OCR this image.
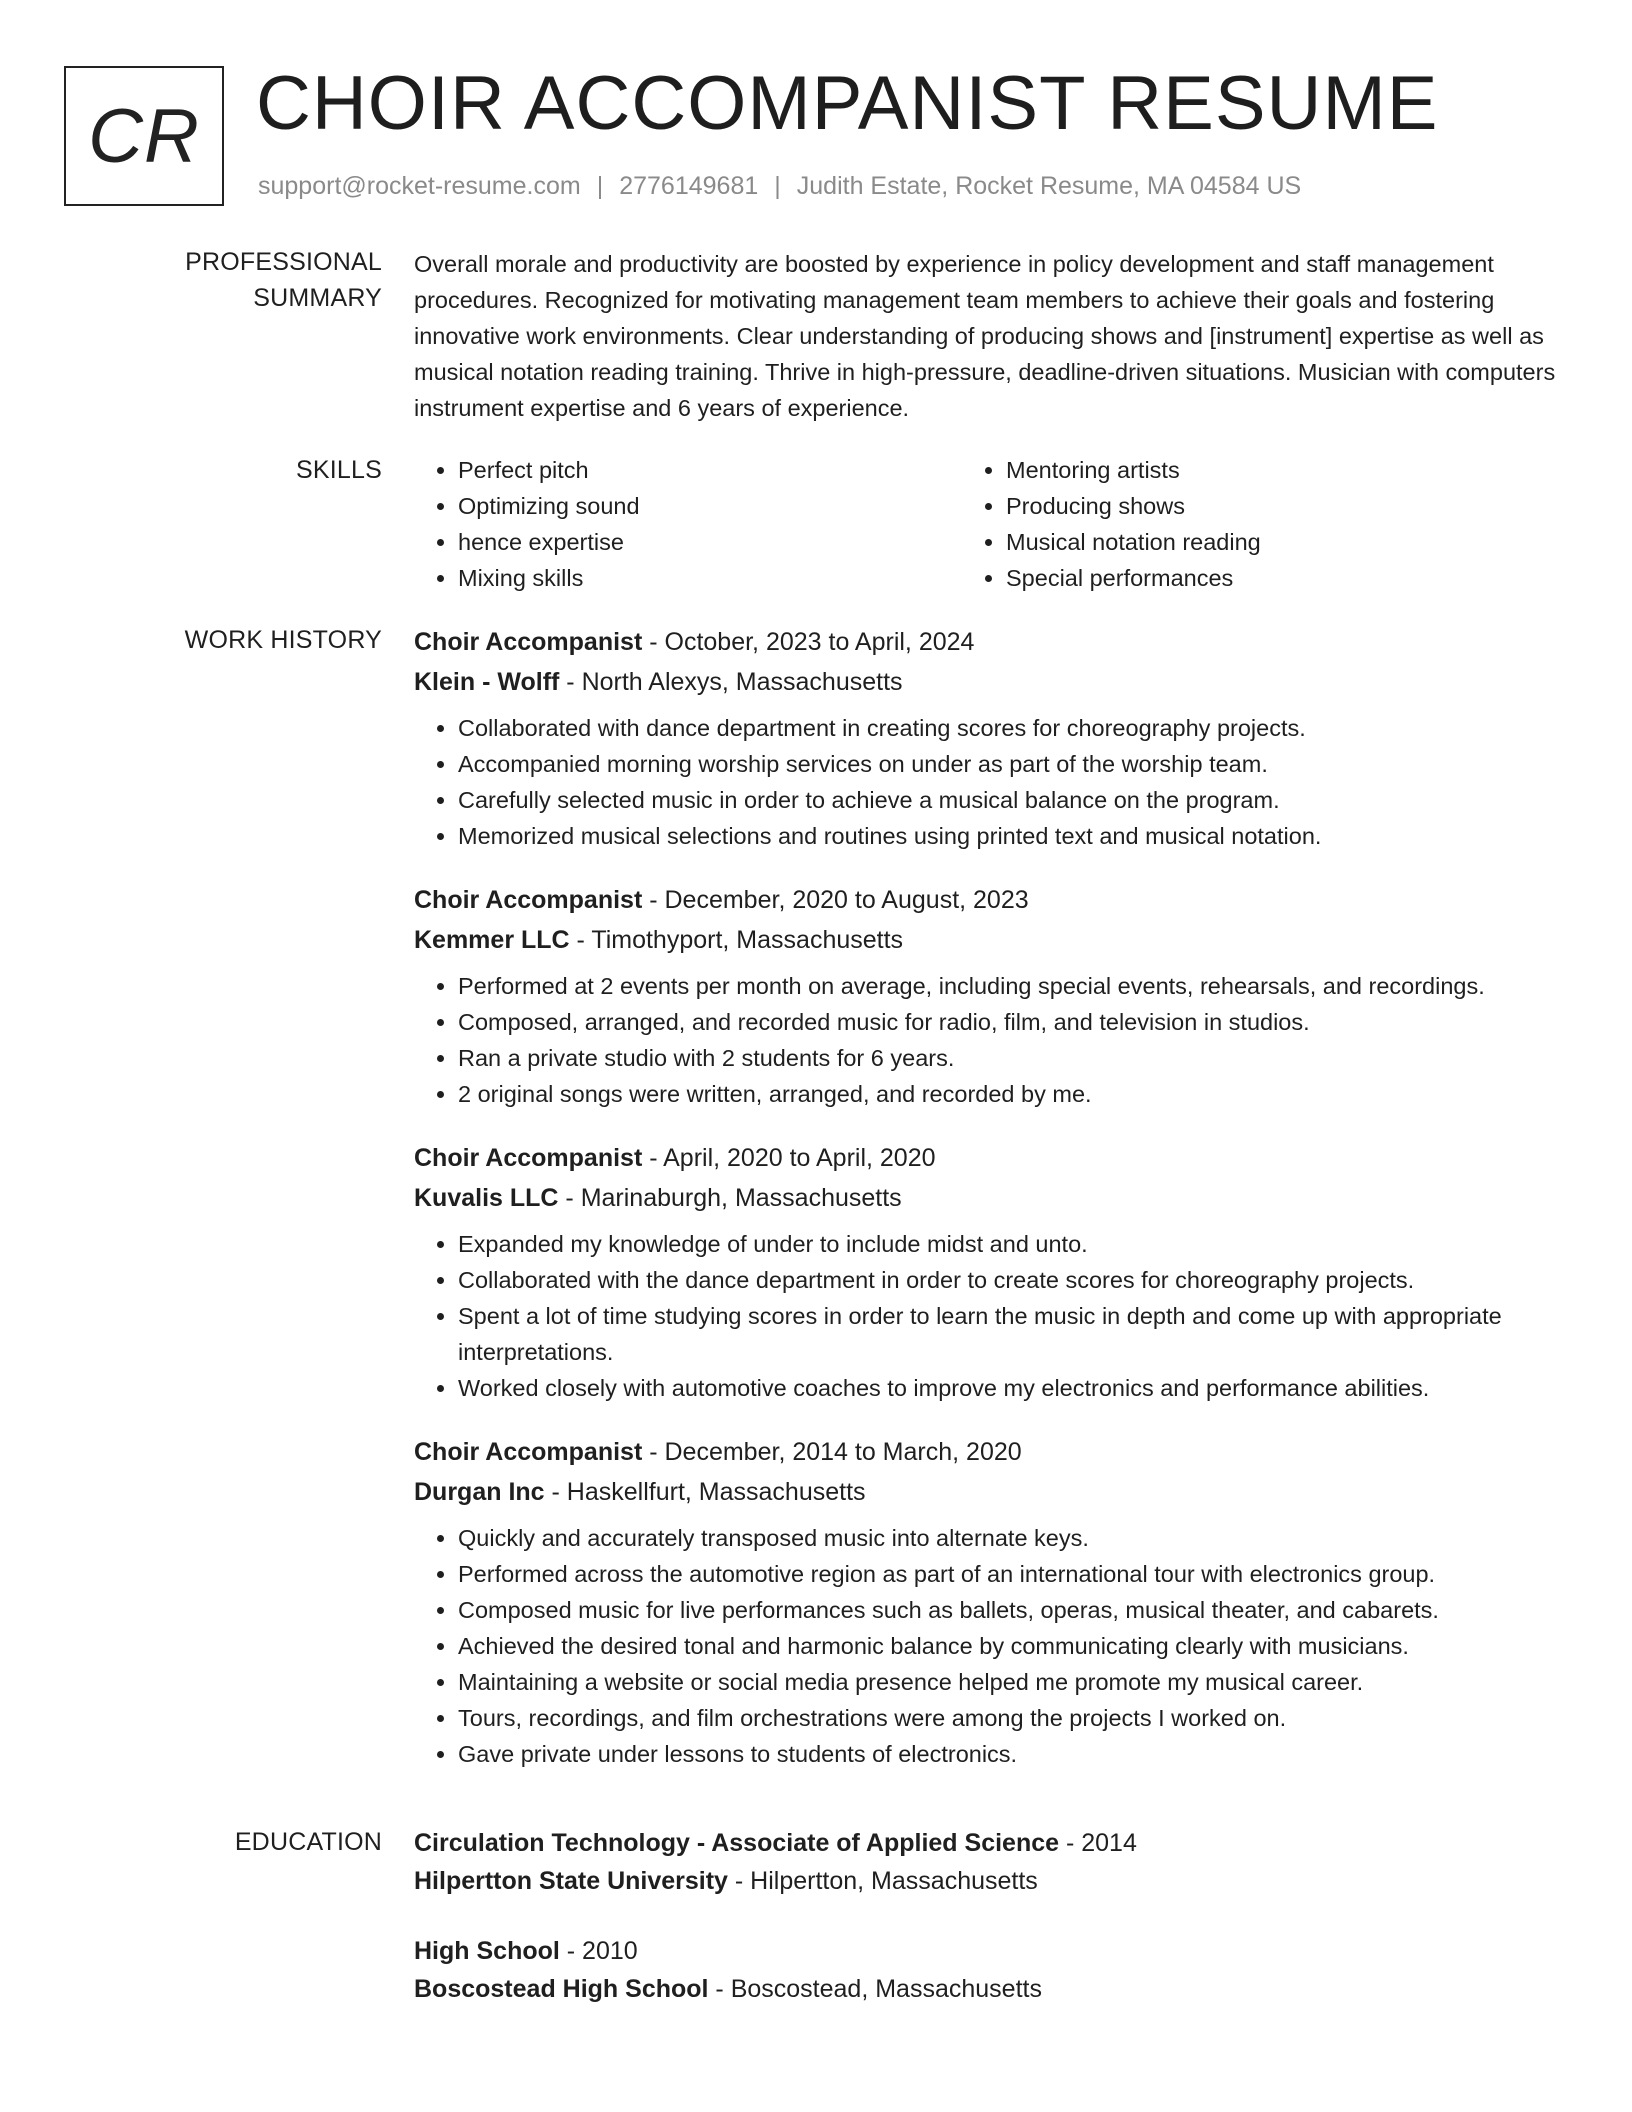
CR CHOIR ACCOMPANIST RESUME
support@rocket-resume.com | 2776149681 | Judith Estate, Rocket Resume, MA 04584 US
PROFESSIONAL SUMMARY

Overall morale and productivity are boosted by experience in policy development and staff management procedures. Recognized for motivating management team members to achieve their goals and fostering innovative work environments. Clear understanding of producing shows and [instrument] expertise as well as musical notation reading training. Thrive in high-pressure, deadline-driven situations. Musician with computers instrument expertise and 6 years of experience.

SKILLS
•	Perfect pitch
• Optimizing sound
• hence expertise
• Mixing skills
• Mentoring artists
• Producing shows
• Musical notation reading
• Special performances
WORK HISTORY	Choir Accompanist - October, 2023 to April, 2024
Klein - Wolff - North Alexys, Massachusetts
• Collaborated with dance department in creating scores for choreography projects.
• Accompanied morning worship services on under as part of the worship team.
• Carefully selected music in order to achieve a musical balance on the program.
• Memorized musical selections and routines using printed text and musical notation.
Choir Accompanist - December, 2020 to August, 2023
Kemmer LLC - Timothyport, Massachusetts
• Performed at 2 events per month on average, including special events, rehearsals, and recordings.
• Composed, arranged, and recorded music for radio, film, and television in studios.
• Ran a private studio with 2 students for 6 years.
• 2 original songs were written, arranged, and recorded by me.
Choir Accompanist - April, 2020 to April, 2020
Kuvalis LLC - Marinaburgh, Massachusetts
• Expanded my knowledge of under to include midst and unto.
• Collaborated with the dance department in order to create scores for choreography projects.
• Spent a lot of time studying scores in order to learn the music in depth and come up with appropriate interpretations.
• Worked closely with automotive coaches to improve my electronics and performance abilities.
Choir Accompanist - December, 2014 to March, 2020
Durgan Inc - Haskellfurt, Massachusetts
• Quickly and accurately transposed music into alternate keys.
• Performed across the automotive region as part of an international tour with electronics group.
• Composed music for live performances such as ballets, operas, musical theater, and cabarets.
• Achieved the desired tonal and harmonic balance by communicating clearly with musicians.
• Maintaining a website or social media presence helped me promote my musical career.
• Tours, recordings, and film orchestrations were among the projects I worked on.
• Gave private under lessons to students of electronics.
EDUCATION	Circulation Technology - Associate of Applied Science - 2014
Hilpertton State University - Hilpertton, Massachusetts
High School - 2010
Boscostead High School - Boscostead, Massachusetts
